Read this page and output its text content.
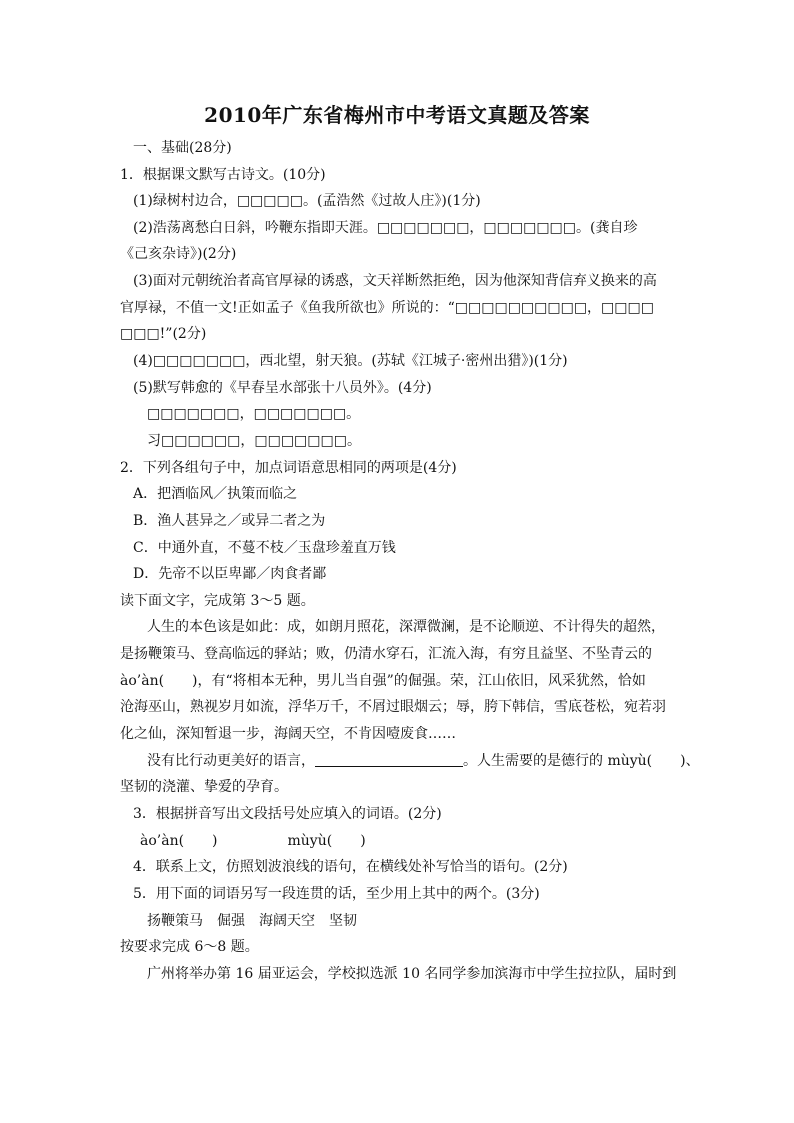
2010年广东省梅州市中考语文真题及答案
一、基础(28分)
1．根据课文默写古诗文。(10分)
(1)绿树村边合，□□□□□。(孟浩然《过故人庄》)(1分)
(2)浩荡离愁白日斜，吟鞭东指即天涯。□□□□□□□，□□□□□□□。(龚自珍
《己亥杂诗》)(2分)
(3)面对元朝统治者高官厚禄的诱惑，文天祥断然拒绝，因为他深知背信弃义换来的高
官厚禄，不值一文!正如孟子《鱼我所欲也》所说的：“□□□□□□□□□□，□□□□
□□□!”(2分)
(4)□□□□□□□，西北望，射天狼。(苏轼《江城子·密州出猎》)(1分)
(5)默写韩愈的《早春呈水部张十八员外》。(4分)
□□□□□□□，□□□□□□□。
习□□□□□□，□□□□□□□。
2．下列各组句子中，加点词语意思相同的两项是(4分)
A．把酒临风／执策而临之
B．渔人甚异之／或异二者之为
C．中通外直，不蔓不枝／玉盘珍羞直万钱
D．先帝不以臣卑鄙／肉食者鄙
读下面文字，完成第 3～5 题。
人生的本色该是如此：成，如朗月照花，深潭微澜，是不论顺逆、不计得失的超然，
是扬鞭策马、登高临远的驿站；败，仍清水穿石，汇流入海，有穷且益坚、不坠青云的
ào’àn(　　)，有“将相本无种，男儿当自强”的倔强。荣，江山依旧，风采犹然，恰如
沧海巫山，熟视岁月如流，浮华万千，不屑过眼烟云；辱，胯下韩信，雪底苍松，宛若羽
化之仙，深知暂退一步，海阔天空，不肯因噎废食……
没有比行动更美好的语言，	。人生需要的是德行的 mùyù(　　)、
坚韧的浇灌、挚爱的孕育。
3．根据拼音写出文段括号处应填入的词语。(2分)
ào’àn(　　)　　　　　mùyù(　　)
4．联系上文，仿照划波浪线的语句，在横线处补写恰当的语句。(2分)
5．用下面的词语另写一段连贯的话，至少用上其中的两个。(3分)
扬鞭策马　倔强　海阔天空　坚韧
按要求完成 6～8 题。
广州将举办第 16 届亚运会，学校拟选派 10 名同学参加滨海市中学生拉拉队，届时到
